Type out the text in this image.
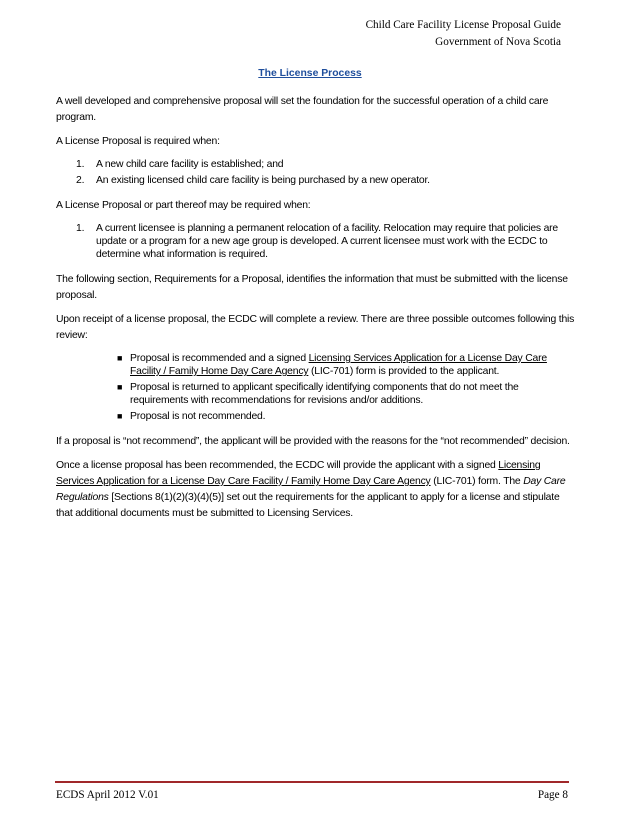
Child Care Facility License Proposal Guide
Government of Nova Scotia
The License Process

A well developed and comprehensive proposal will set the foundation for the successful operation of a child care program.

A License Proposal is required when:

1. A new child care facility is established; and
2. An existing licensed child care facility is being purchased by a new operator.

A License Proposal or part thereof may be required when:

1. A current licensee is planning a permanent relocation of a facility. Relocation may require that policies are update or a program for a new age group is developed. A current licensee must work with the ECDC to determine what information is required.

The following section, Requirements for a Proposal, identifies the information that must be submitted with the license proposal.

Upon receipt of a license proposal, the ECDC will complete a review. There are three possible outcomes following this review:

■ Proposal is recommended and a signed Licensing Services Application for a License Day Care Facility / Family Home Day Care Agency (LIC-701) form is provided to the applicant.
■ Proposal is returned to applicant specifically identifying components that do not meet the requirements with recommendations for revisions and/or additions.
■ Proposal is not recommended.

If a proposal is “not recommend”, the applicant will be provided with the reasons for the “not recommended” decision.

Once a license proposal has been recommended, the ECDC will provide the applicant with a signed Licensing Services Application for a License Day Care Facility / Family Home Day Care Agency (LIC-701) form. The Day Care Regulations [Sections 8(1)(2)(3)(4)(5)] set out the requirements for the applicant to apply for a license and stipulate that additional documents must be submitted to Licensing Services.

ECDS April 2012 V.01	Page 8
